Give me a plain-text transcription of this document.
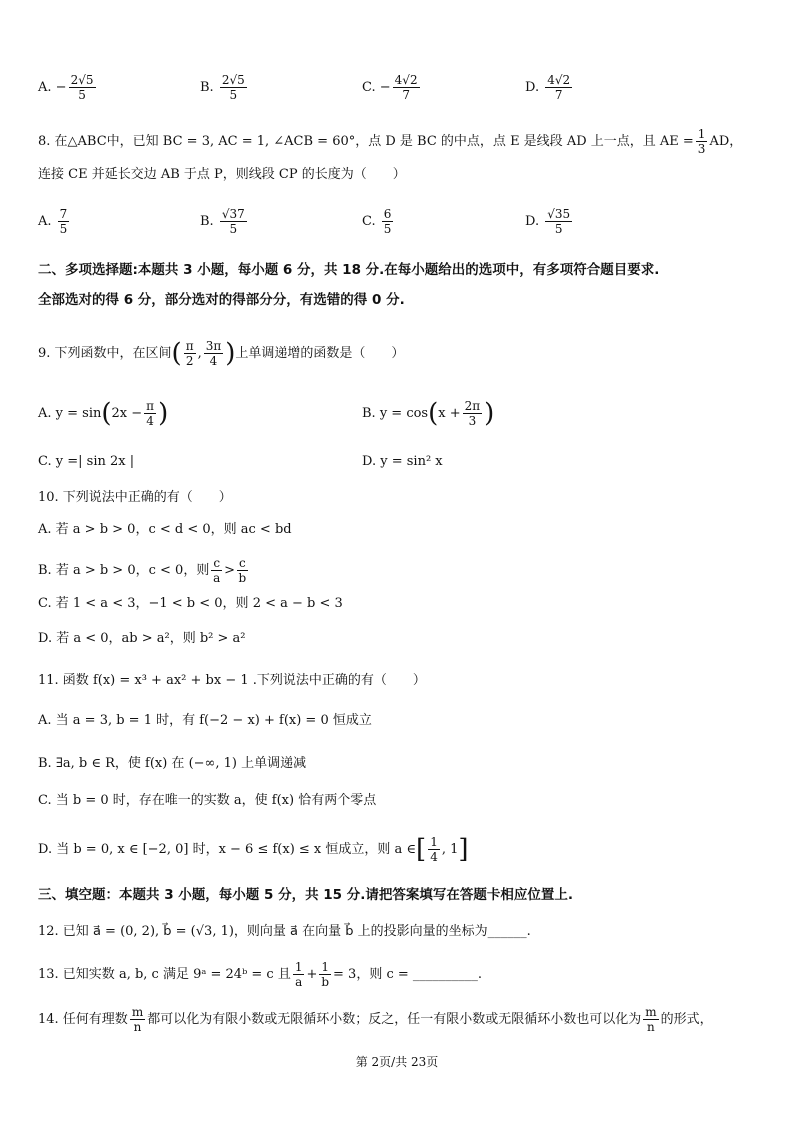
A. − $\frac{2√5}{5}$	B. $\frac{2√5}{5}$	C. − $\frac{4√2}{7}$	D. $\frac{4√2}{7}$
8. 在△ABC中，已知 BC = 3, AC = 1, ∠ACB = 60°，点 D 是 BC 的中点，点 E 是线段 AD 上一点，且 AE = $\frac{1}{3}$ AD，
连接 CE 并延长交边 AB 于点 P，则线段 CP 的长度为（　　）
A. $\frac{7}{5}$	B. $\frac{√37}{5}$	C. $\frac{6}{5}$	D. $\frac{√35}{5}$
二、多项选择题:本题共 3 小题，每小题 6 分，共 18 分.在每小题给出的选项中，有多项符合题目要求.
全部选对的得 6 分，部分选对的得部分分，有选错的得 0 分.
9. 下列函数中，在区间( $\frac{\pi}{2}$ , $\frac{3\pi}{4}$ )上单调递增的函数是（　　）
A. $y = \sin(2x - \frac{\pi}{4}$ )	B. $y = \cos(x + \frac{2\pi}{3}$ )
C. y =| sin 2x |	D. y = sin² x
10. 下列说法中正确的有（　　）
A. 若 a > b > 0，c < d < 0，则 ac < bd
B. 若 a > b > 0，c < 0，则 $\frac{c}{a} > \frac{c}{b}$
C. 若 1 < a < 3，−1 < b < 0，则 2 < a − b < 3
D. 若 a < 0，ab > a²，则 b² > a²
11. 函数 f(x) = x³ + ax² + bx − 1 .下列说法中正确的有（　　）
A. 当 a = 3, b = 1 时，有 f(−2 − x) + f(x) = 0 恒成立
B. ∃a, b ∈ R，使 f(x) 在 (−∞, 1) 上单调递减
C. 当 b = 0 时，存在唯一的实数 a，使 f(x) 恰有两个零点
D. 当 b = 0, x ∈ [−2, 0] 时，x − 6 ≤ f(x) ≤ x 恒成立，则 a ∈[ $\frac{1}{4}$ , 1]
三、填空题：本题共 3 小题，每小题 5 分，共 15 分.请把答案填写在答题卡相应位置上.
12. 已知 a⃗ = (0, 2), b⃗ = (√3, 1)，则向量 a⃗ 在向量 b⃗ 上的投影向量的坐标为______.
13. 已知实数 a, b, c 满足 9ᵃ = 24ᵇ = c 且 $\frac{1}{a} + \frac{1}{b} = 3$，则 c = __________.
14. 任何有理数 $\frac{m}{n}$ 都可以化为有限小数或无限循环小数；反之，任一有限小数或无限循环小数也可以化为 $\frac{m}{n}$ 的形式，
第 2页/共 23页
